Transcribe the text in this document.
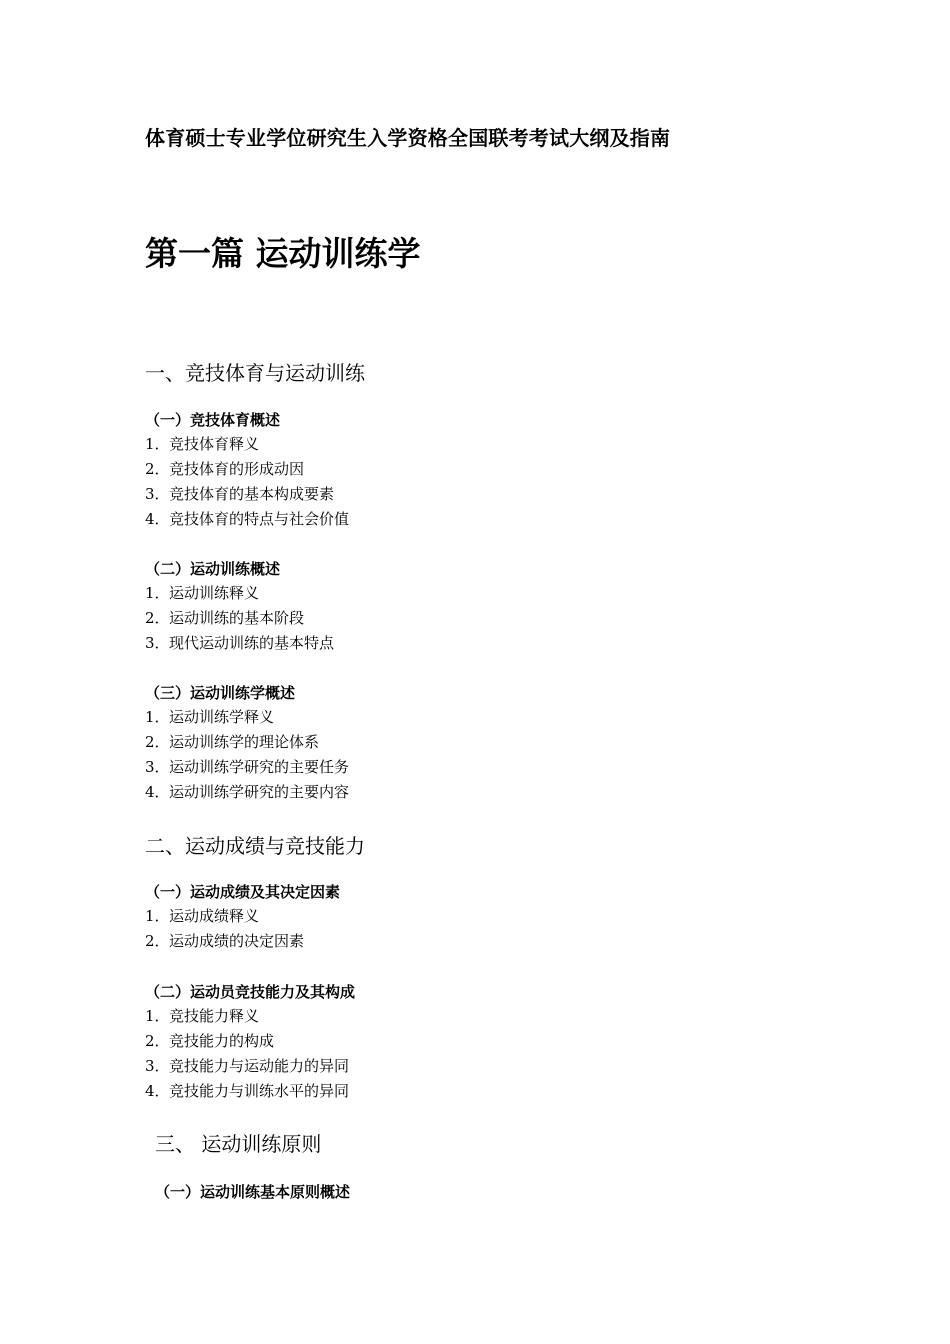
体育硕士专业学位研究生入学资格全国联考考试大纲及指南
第一篇 运动训练学
一、竞技体育与运动训练
（一）竞技体育概述
1．竞技体育释义
2．竞技体育的形成动因
3．竞技体育的基本构成要素
4．竞技体育的特点与社会价值
（二）运动训练概述
1．运动训练释义
2．运动训练的基本阶段
3．现代运动训练的基本特点
（三）运动训练学概述
1．运动训练学释义
2．运动训练学的理论体系
3．运动训练学研究的主要任务
4．运动训练学研究的主要内容
二、运动成绩与竞技能力
（一）运动成绩及其决定因素
1．运动成绩释义
2．运动成绩的决定因素
（二）运动员竞技能力及其构成
1．竞技能力释义
2．竞技能力的构成
3．竞技能力与运动能力的异同
4．竞技能力与训练水平的异同
三、 运动训练原则
（一）运动训练基本原则概述
